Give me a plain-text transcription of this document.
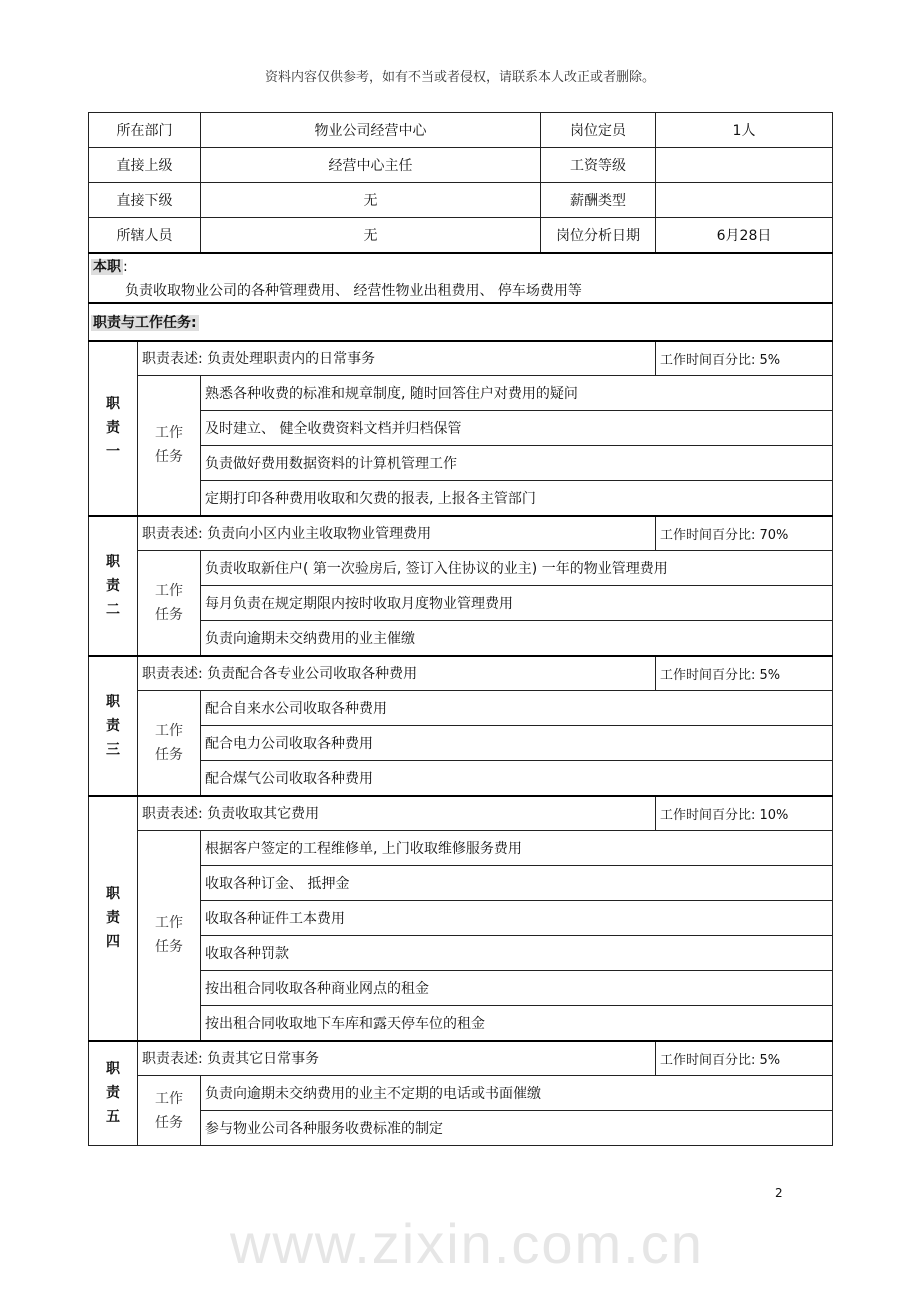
资料内容仅供参考，如有不当或者侵权，请联系本人改正或者删除。
所在部门		物业公司经营中心	岗位定员	1人
直接上级		经营中心主任	工资等级	
直接下级		无	薪酬类型	
所辖人员		无	岗位分析日期	6月28日
本职 :
负责收取物业公司的各种管理费用、 经营性物业出租费用、 停车场费用等				

职责与工作任务:				

职
责
一	职责表述: 负责处理职责内的日常事务			工作时间百分比: 5%

	工作
任务	熟悉各种收费的标准和规章制度, 随时回答住户对费用的疑问		
		及时建立、 健全收费资料文档并归档保管		
		负责做好费用数据资料的计算机管理工作		
		定期打印各种费用收取和欠费的报表, 上报各主管部门		

职
责
二	职责表述: 负责向小区内业主收取物业管理费用			工作时间百分比: 70%

	工作
任务	负责收取新住户( 第一次验房后, 签订入住协议的业主) 一年的物业管理费用		
		每月负责在规定期限内按时收取月度物业管理费用		
		负责向逾期未交纳费用的业主催缴		

职
责
三	职责表述: 负责配合各专业公司收取各种费用			工作时间百分比: 5%

	工作
任务	配合自来水公司收取各种费用		
		配合电力公司收取各种费用		
		配合煤气公司收取各种费用		

职
责
四	职责表述: 负责收取其它费用			工作时间百分比: 10%

	工作
任务	根据客户签定的工程维修单, 上门收取维修服务费用		
		收取各种订金、 抵押金		
		收取各种证件工本费用		
		收取各种罚款		
		按出租合同收取各种商业网点的租金		
		按出租合同收取地下车库和露天停车位的租金		

职
责
五	职责表述: 负责其它日常事务			工作时间百分比: 5%

	工作
任务	负责向逾期未交纳费用的业主不定期的电话或书面催缴		
		参与物业公司各种服务收费标准的制定		
2
www.zixin.com.cn
